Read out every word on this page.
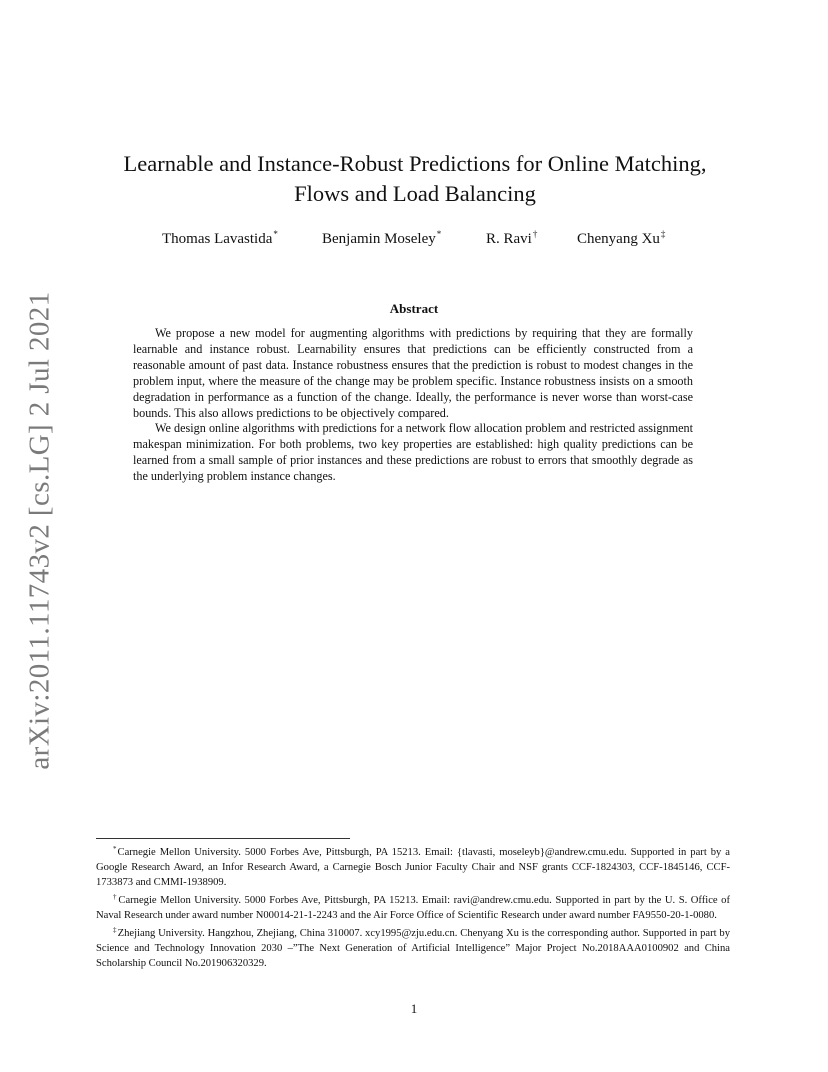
arXiv:2011.11743v2 [cs.LG] 2 Jul 2021
Learnable and Instance-Robust Predictions for Online Matching,
Flows and Load Balancing
Thomas Lavastida*	Benjamin Moseley*	R. Ravi†	Chenyang Xu‡
Abstract

We propose a new model for augmenting algorithms with predictions by requiring that they are formally learnable and instance robust. Learnability ensures that predictions can be efficiently constructed from a reasonable amount of past data. Instance robustness ensures that the prediction is robust to modest changes in the problem input, where the measure of the change may be problem specific. Instance robustness insists on a smooth degradation in performance as a function of the change. Ideally, the performance is never worse than worst-case bounds. This also allows predictions to be objectively compared.

We design online algorithms with predictions for a network flow allocation problem and restricted assignment makespan minimization. For both problems, two key properties are established: high quality predictions can be learned from a small sample of prior instances and these predictions are robust to errors that smoothly degrade as the underlying problem instance changes.

*Carnegie Mellon University. 5000 Forbes Ave, Pittsburgh, PA 15213. Email: {tlavasti, moseleyb}@andrew.cmu.edu. Supported in part by a Google Research Award, an Infor Research Award, a Carnegie Bosch Junior Faculty Chair and NSF grants CCF-1824303, CCF-1845146, CCF-1733873 and CMMI-1938909.

†Carnegie Mellon University. 5000 Forbes Ave, Pittsburgh, PA 15213. Email: ravi@andrew.cmu.edu. Supported in part by the U. S. Office of Naval Research under award number N00014-21-1-2243 and the Air Force Office of Scientific Research under award number FA9550-20-1-0080.

‡Zhejiang University. Hangzhou, Zhejiang, China 310007. xcy1995@zju.edu.cn. Chenyang Xu is the corresponding author. Supported in part by Science and Technology Innovation 2030 –”The Next Generation of Artificial Intelligence” Major Project No.2018AAA0100902 and China Scholarship Council No.201906320329.

1
